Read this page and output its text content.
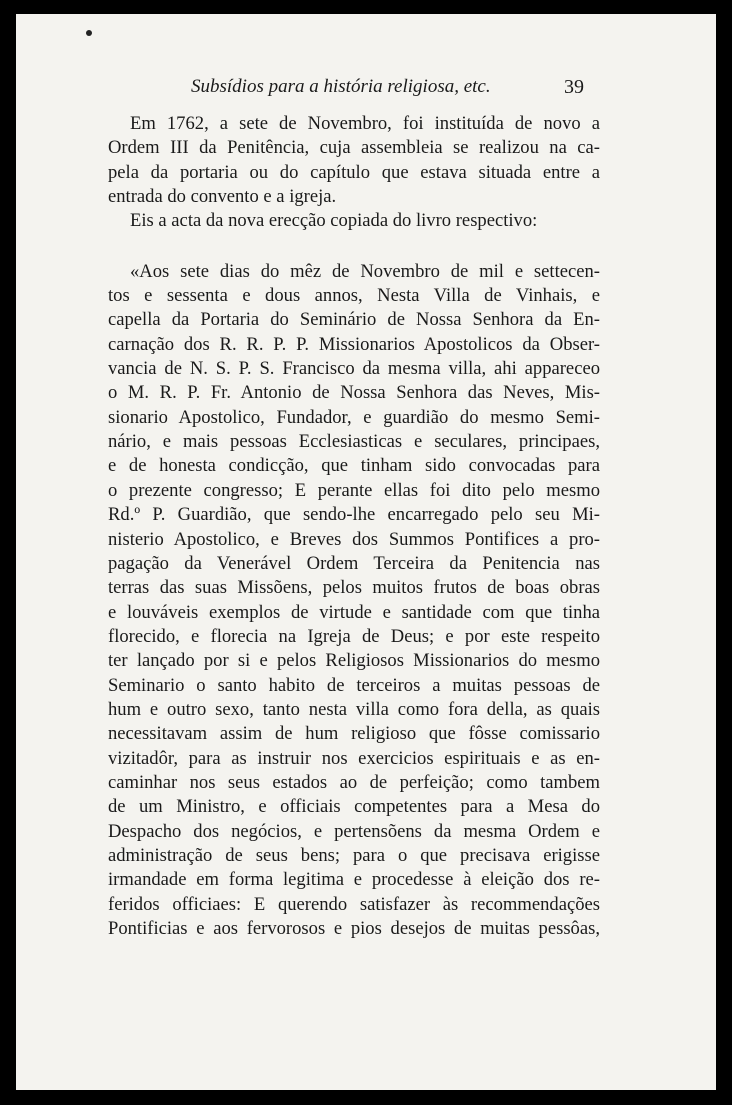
Subsídios para a história religiosa, etc.	39

Em 1762, a sete de Novembro, foi instituída de novo a
Ordem III da Penitência, cuja assembleia se realizou na ca-
pela da portaria ou do capítulo que estava situada entre a
entrada do convento e a igreja.

Eis a acta da nova erecção copiada do livro respectivo:

«Aos sete dias do mêz de Novembro de mil e settecen-
tos e sessenta e dous annos, Nesta Villa de Vinhais, e
capella da Portaria do Seminário de Nossa Senhora da En-
carnação dos R. R. P. P. Missionarios Apostolicos da Obser-
vancia de N. S. P. S. Francisco da mesma villa, ahi appareceo
o M. R. P. Fr. Antonio de Nossa Senhora das Neves, Mis-
sionario Apostolico, Fundador, e guardião do mesmo Semi-
nário, e mais pessoas Ecclesiasticas e seculares, principaes,
e de honesta condicção, que tinham sido convocadas para
o prezente congresso; E perante ellas foi dito pelo mesmo
Rd.º P. Guardião, que sendo-lhe encarregado pelo seu Mi-
nisterio Apostolico, e Breves dos Summos Pontifices a pro-
pagação da Venerável Ordem Terceira da Penitencia nas
terras das suas Missõens, pelos muitos frutos de boas obras
e louváveis exemplos de virtude e santidade com que tinha
florecido, e florecia na Igreja de Deus; e por este respeito
ter lançado por si e pelos Religiosos Missionarios do mesmo
Seminario o santo habito de terceiros a muitas pessoas de
hum e outro sexo, tanto nesta villa como fora della, as quais
necessitavam assim de hum religioso que fôsse comissario
vizitadôr, para as instruir nos exercicios espirituais e as en-
caminhar nos seus estados ao de perfeição; como tambem
de um Ministro, e officiais competentes para a Mesa do
Despacho dos negócios, e pertensõens da mesma Ordem e
administração de seus bens; para o que precisava erigisse
irmandade em forma legitima e procedesse à eleição dos re-
feridos officiaes: E querendo satisfazer às recommendações
Pontificias e aos fervorosos e pios desejos de muitas pessôas,
